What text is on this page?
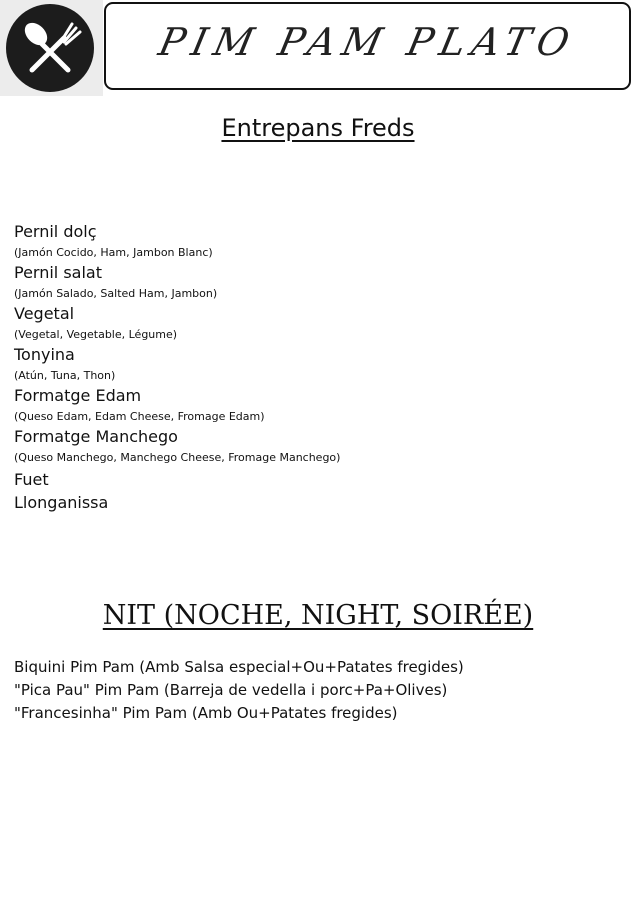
PIM PAM PLATO
Entrepans Freds
Pernil dolç
(Jamón Cocido, Ham, Jambon Blanc)
Pernil salat
(Jamón Salado, Salted Ham, Jambon)
Vegetal
(Vegetal, Vegetable, Légume)
Tonyina
(Atún, Tuna, Thon)
Formatge Edam
(Queso Edam, Edam Cheese, Fromage Edam)
Formatge Manchego
(Queso Manchego, Manchego Cheese, Fromage Manchego)
Fuet
Llonganissa
NIT (NOCHE, NIGHT, SOIRÉE)
Biquini Pim Pam (Amb Salsa especial+Ou+Patates fregides)
"Pica Pau" Pim Pam (Barreja de vedella i porc+Pa+Olives)
"Francesinha" Pim Pam (Amb Ou+Patates fregides)
